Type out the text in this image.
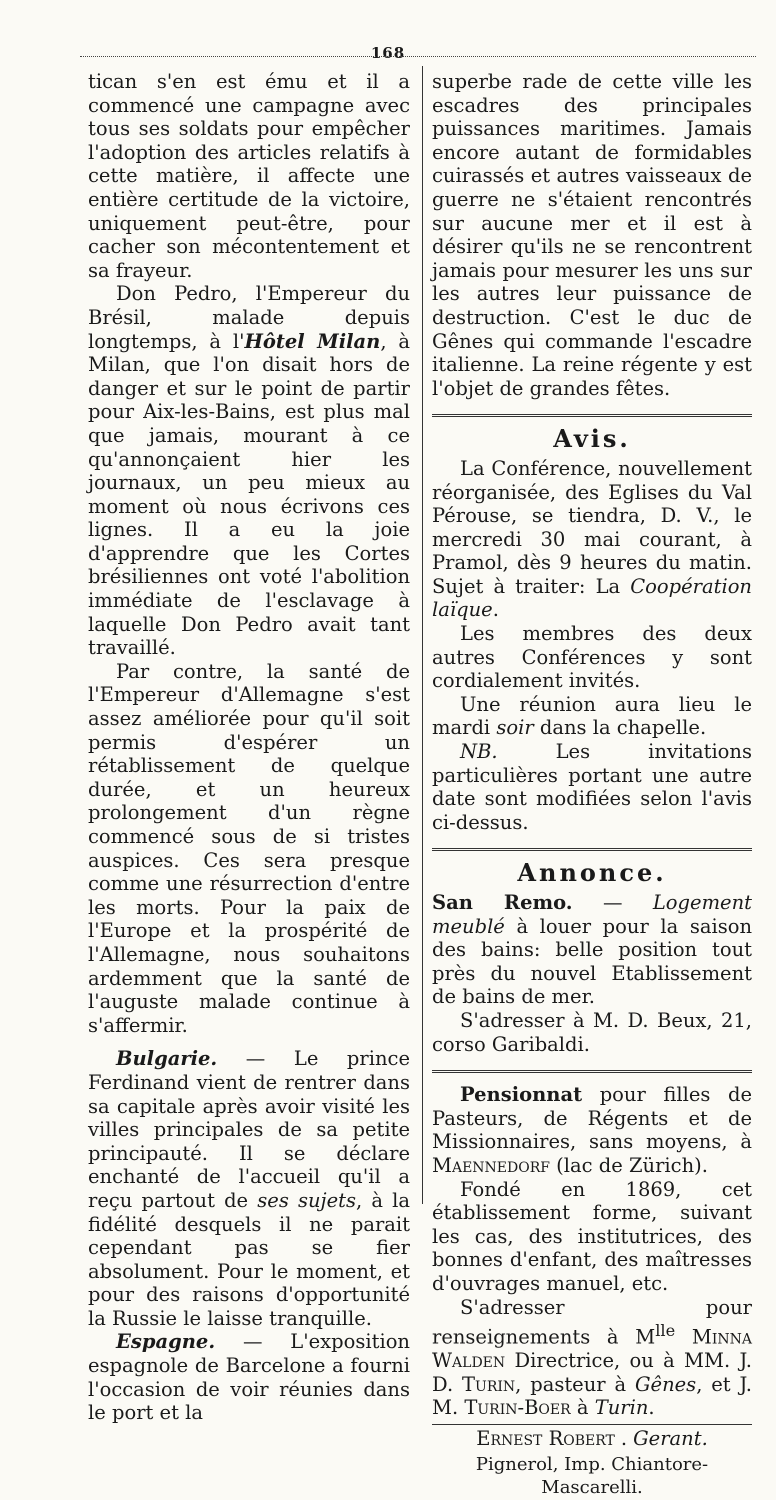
168

tican s'en est ému et il a commencé une campagne avec tous ses soldats pour empêcher l'adoption des articles relatifs à cette matière, il affecte une entière certitude de la victoire, uniquement peut-être, pour cacher son mécontentement et sa frayeur.

Don Pedro, l'Empereur du Brésil, malade depuis longtemps, à l'Hôtel Milan, à Milan, que l'on disait hors de danger et sur le point de partir pour Aix-les-Bains, est plus mal que jamais, mourant à ce qu'annonçaient hier les journaux, un peu mieux au moment où nous écrivons ces lignes. Il a eu la joie d'apprendre que les Cortes brésiliennes ont voté l'abolition immédiate de l'esclavage à laquelle Don Pedro avait tant travaillé.

Par contre, la santé de l'Empereur d'Allemagne s'est assez améliorée pour qu'il soit permis d'espérer un rétablissement de quelque durée, et un heureux prolongement d'un règne commencé sous de si tristes auspices. Ces sera presque comme une résurrection d'entre les morts. Pour la paix de l'Europe et la prospérité de l'Allemagne, nous souhaitons ardemment que la santé de l'auguste malade continue à s'affermir.

Bulgarie. — Le prince Ferdinand vient de rentrer dans sa capitale après avoir visité les villes principales de sa petite principauté. Il se déclare enchanté de l'accueil qu'il a reçu partout de ses sujets, à la fidélité desquels il ne parait cependant pas se fier absolument. Pour le moment, et pour des raisons d'opportunité la Russie le laisse tranquille.

Espagne. — L'exposition espagnole de Barcelone a fourni l'occasion de voir réunies dans le port et la

superbe rade de cette ville les escadres des principales puissances maritimes. Jamais encore autant de formidables cuirassés et autres vaisseaux de guerre ne s'étaient rencontrés sur aucune mer et il est à désirer qu'ils ne se rencontrent jamais pour mesurer les uns sur les autres leur puissance de destruction. C'est le duc de Gênes qui commande l'escadre italienne. La reine régente y est l'objet de grandes fêtes.

Avis.

La Conférence, nouvellement réorganisée, des Eglises du Val Pérouse, se tiendra, D. V., le mercredi 30 mai courant, à Pramol, dès 9 heures du matin. Sujet à traiter: La Coopération laïque.

Les membres des deux autres Conférences y sont cordialement invités.

Une réunion aura lieu le mardi soir dans la chapelle.

NB. Les invitations particulières portant une autre date sont modifiées selon l'avis ci-dessus.

Annonce.

San Remo. — Logement meublé à louer pour la saison des bains: belle position tout près du nouvel Etablissement de bains de mer.

S'adresser à M. D. Beux, 21, corso Garibaldi.

Pensionnat pour filles de Pasteurs, de Régents et de Missionnaires, sans moyens, à Maennedorf (lac de Zürich).

Fondé en 1869, cet établissement forme, suivant les cas, des institutrices, des bonnes d'enfant, des maîtresses d'ouvrages manuel, etc.

S'adresser pour renseignements à $M^{lle}$ Minna Walden Directrice, ou à MM. J. D. Turin, pasteur à Gênes, et J. M. Turin-Boer à Turin.

Ernest Robert . Gerant.
Pignerol, Imp. Chiantore-Mascarelli.
